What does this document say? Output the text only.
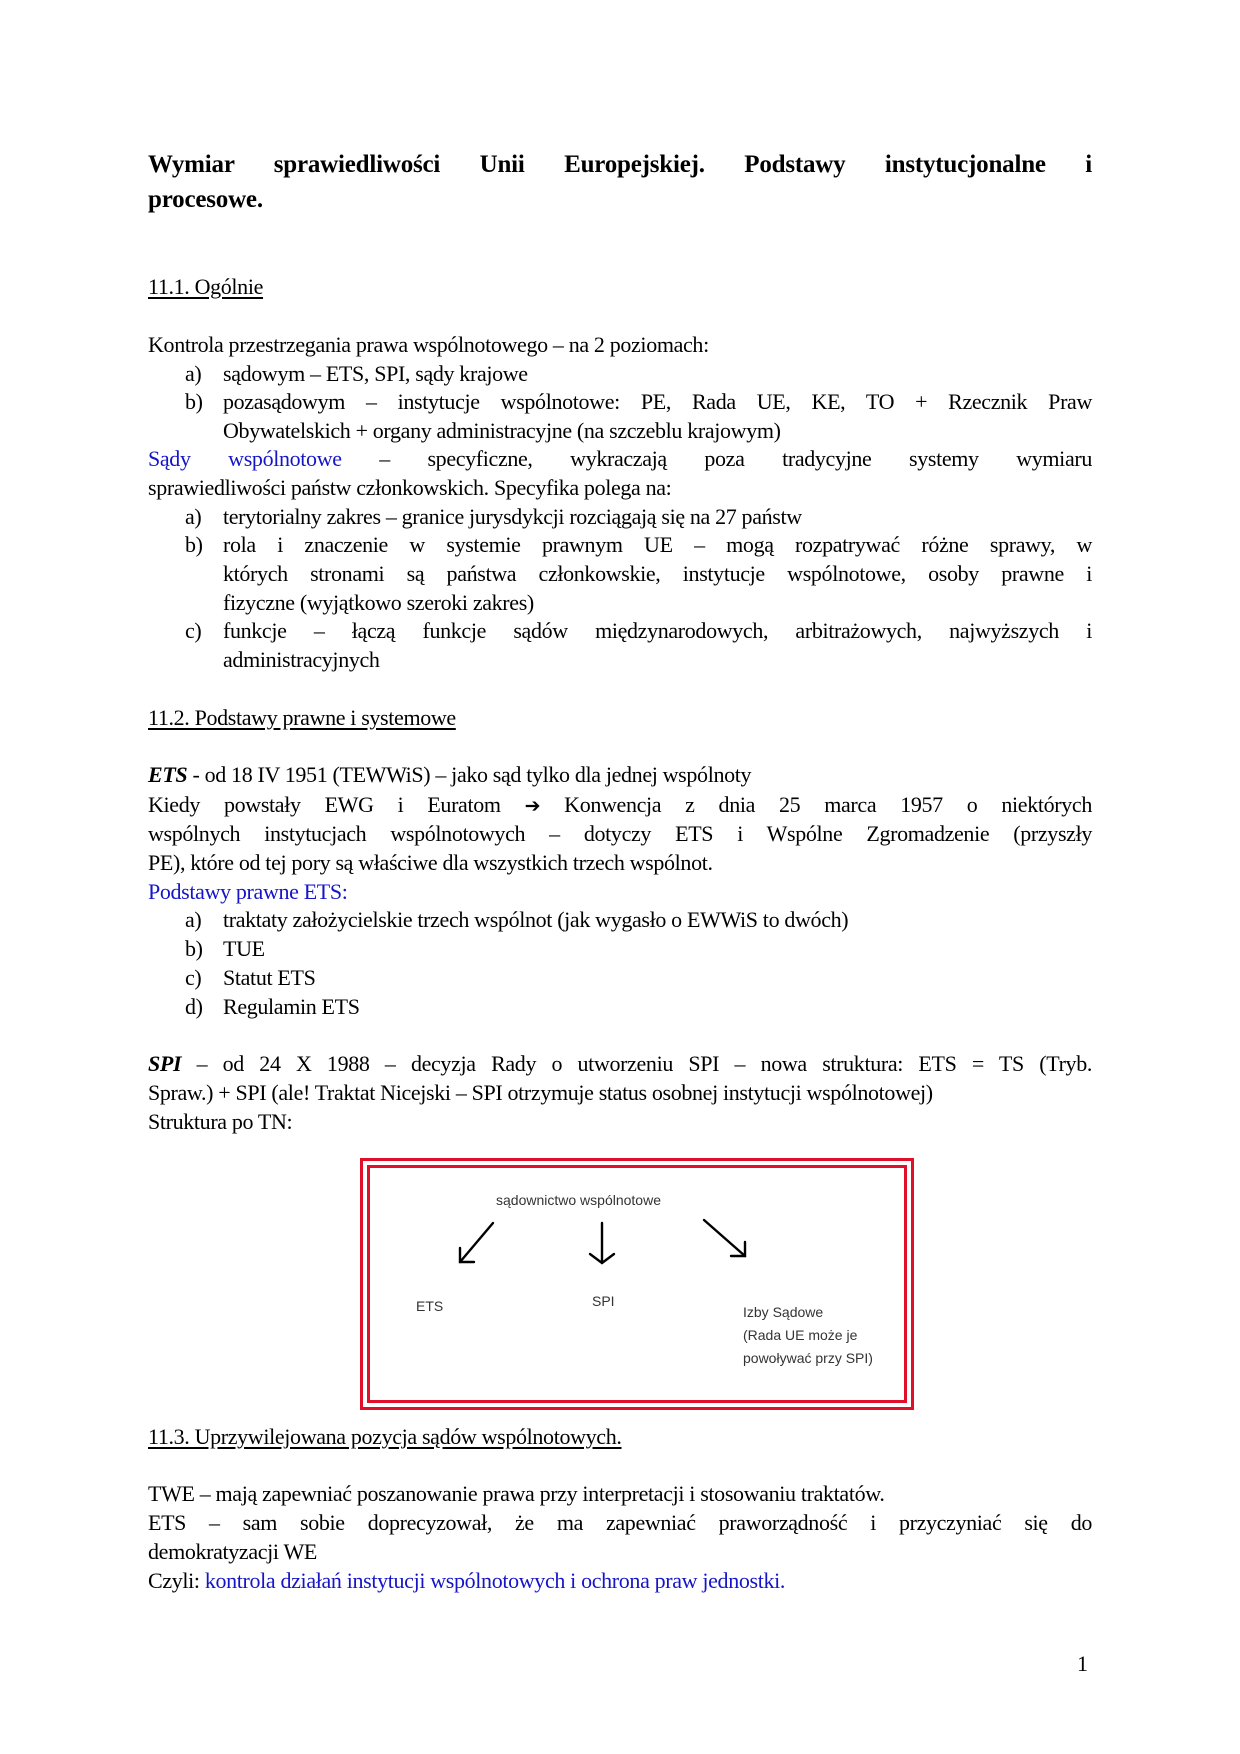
Wymiar sprawiedliwości Unii Europejskiej. Podstawy instytucjonalne i
procesowe.
11.1. Ogólnie
Kontrola przestrzegania prawa wspólnotowego – na 2 poziomach:
a) sądowym – ETS, SPI, sądy krajowe
b) pozasądowym – instytucje wspólnotowe: PE, Rada UE, KE, TO + Rzecznik Praw
Obywatelskich + organy administracyjne (na szczeblu krajowym)
Sądy wspólnotowe – specyficzne, wykraczają poza tradycyjne systemy wymiaru
sprawiedliwości państw członkowskich. Specyfika polega na:
a) terytorialny zakres – granice jurysdykcji rozciągają się na 27 państw
b) rola i znaczenie w systemie prawnym UE – mogą rozpatrywać różne sprawy, w
których stronami są państwa członkowskie, instytucje wspólnotowe, osoby prawne i
fizyczne (wyjątkowo szeroki zakres)
c) funkcje – łączą funkcje sądów międzynarodowych, arbitrażowych, najwyższych i
administracyjnych
11.2. Podstawy prawne i systemowe
ETS - od 18 IV 1951 (TEWWiS) – jako sąd tylko dla jednej wspólnoty
Kiedy powstały EWG i Euratom ➔ Konwencja z dnia 25 marca 1957 o niektórych
wspólnych instytucjach wspólnotowych – dotyczy ETS i Wspólne Zgromadzenie (przyszły
PE), które od tej pory są właściwe dla wszystkich trzech wspólnot.
Podstawy prawne ETS:
a) traktaty założycielskie trzech wspólnot (jak wygasło o EWWiS to dwóch)
b) TUE
c) Statut ETS
d) Regulamin ETS
SPI – od 24 X 1988 – decyzja Rady o utworzeniu SPI – nowa struktura: ETS = TS (Tryb.
Spraw.) + SPI (ale! Traktat Nicejski – SPI otrzymuje status osobnej instytucji wspólnotowej)
Struktura po TN:
sądownictwo wspólnotowe
ETS	SPI
Izby Sądowe
(Rada UE może je
powoływać przy SPI)
11.3. Uprzywilejowana pozycja sądów wspólnotowych.
TWE – mają zapewniać poszanowanie prawa przy interpretacji i stosowaniu traktatów.
ETS – sam sobie doprecyzował, że ma zapewniać praworządność i przyczyniać się do
demokratyzacji WE
Czyli: kontrola działań instytucji wspólnotowych i ochrona praw jednostki.
1
